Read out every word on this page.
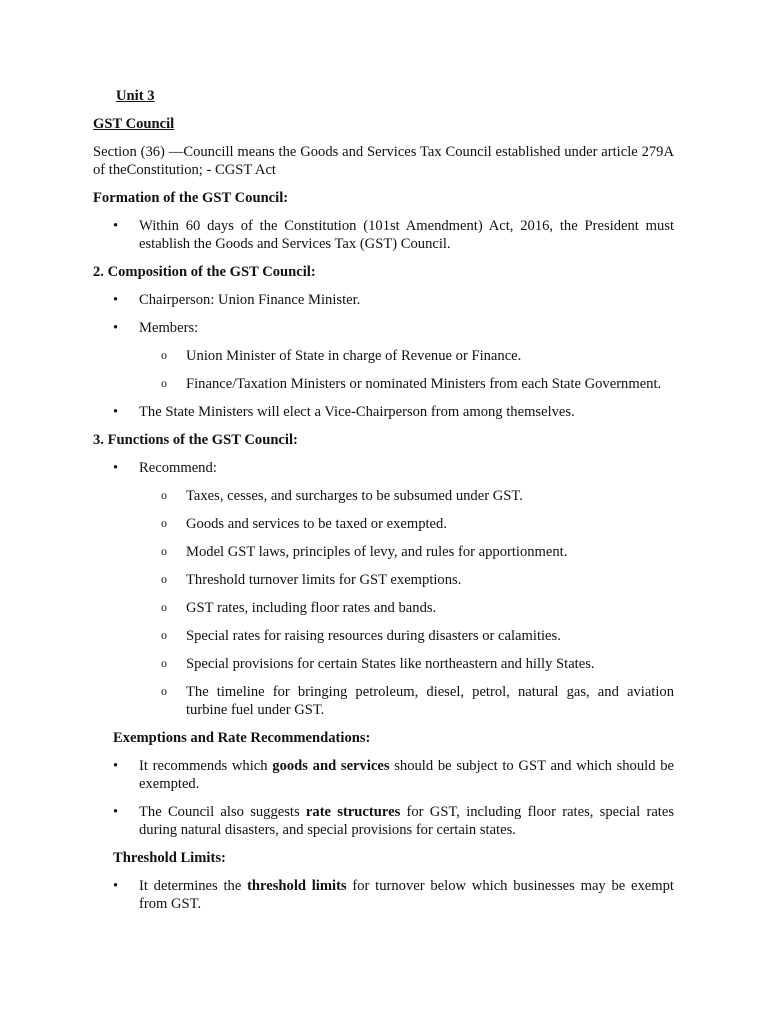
Unit 3
GST Council

Section (36) —Councill means the Goods and Services Tax Council established under article 279A of theConstitution; - CGST Act

Formation of the GST Council:
• Within 60 days of the Constitution (101st Amendment) Act, 2016, the President must establish the Goods and Services Tax (GST) Council.
2. Composition of the GST Council:
• Chairperson: Union Finance Minister.
• Members:
o Union Minister of State in charge of Revenue or Finance.
o Finance/Taxation Ministers or nominated Ministers from each State Government.
• The State Ministers will elect a Vice-Chairperson from among themselves.
3. Functions of the GST Council:
• Recommend:
o Taxes, cesses, and surcharges to be subsumed under GST.
o Goods and services to be taxed or exempted.
o Model GST laws, principles of levy, and rules for apportionment.
o Threshold turnover limits for GST exemptions.
o GST rates, including floor rates and bands.
o Special rates for raising resources during disasters or calamities.
o Special provisions for certain States like northeastern and hilly States.
o The timeline for bringing petroleum, diesel, petrol, natural gas, and aviation turbine fuel under GST.
Exemptions and Rate Recommendations:
• It recommends which goods and services should be subject to GST and which should be exempted.
• The Council also suggests rate structures for GST, including floor rates, special rates during natural disasters, and special provisions for certain states.
Threshold Limits:
• It determines the threshold limits for turnover below which businesses may be exempt from GST.
